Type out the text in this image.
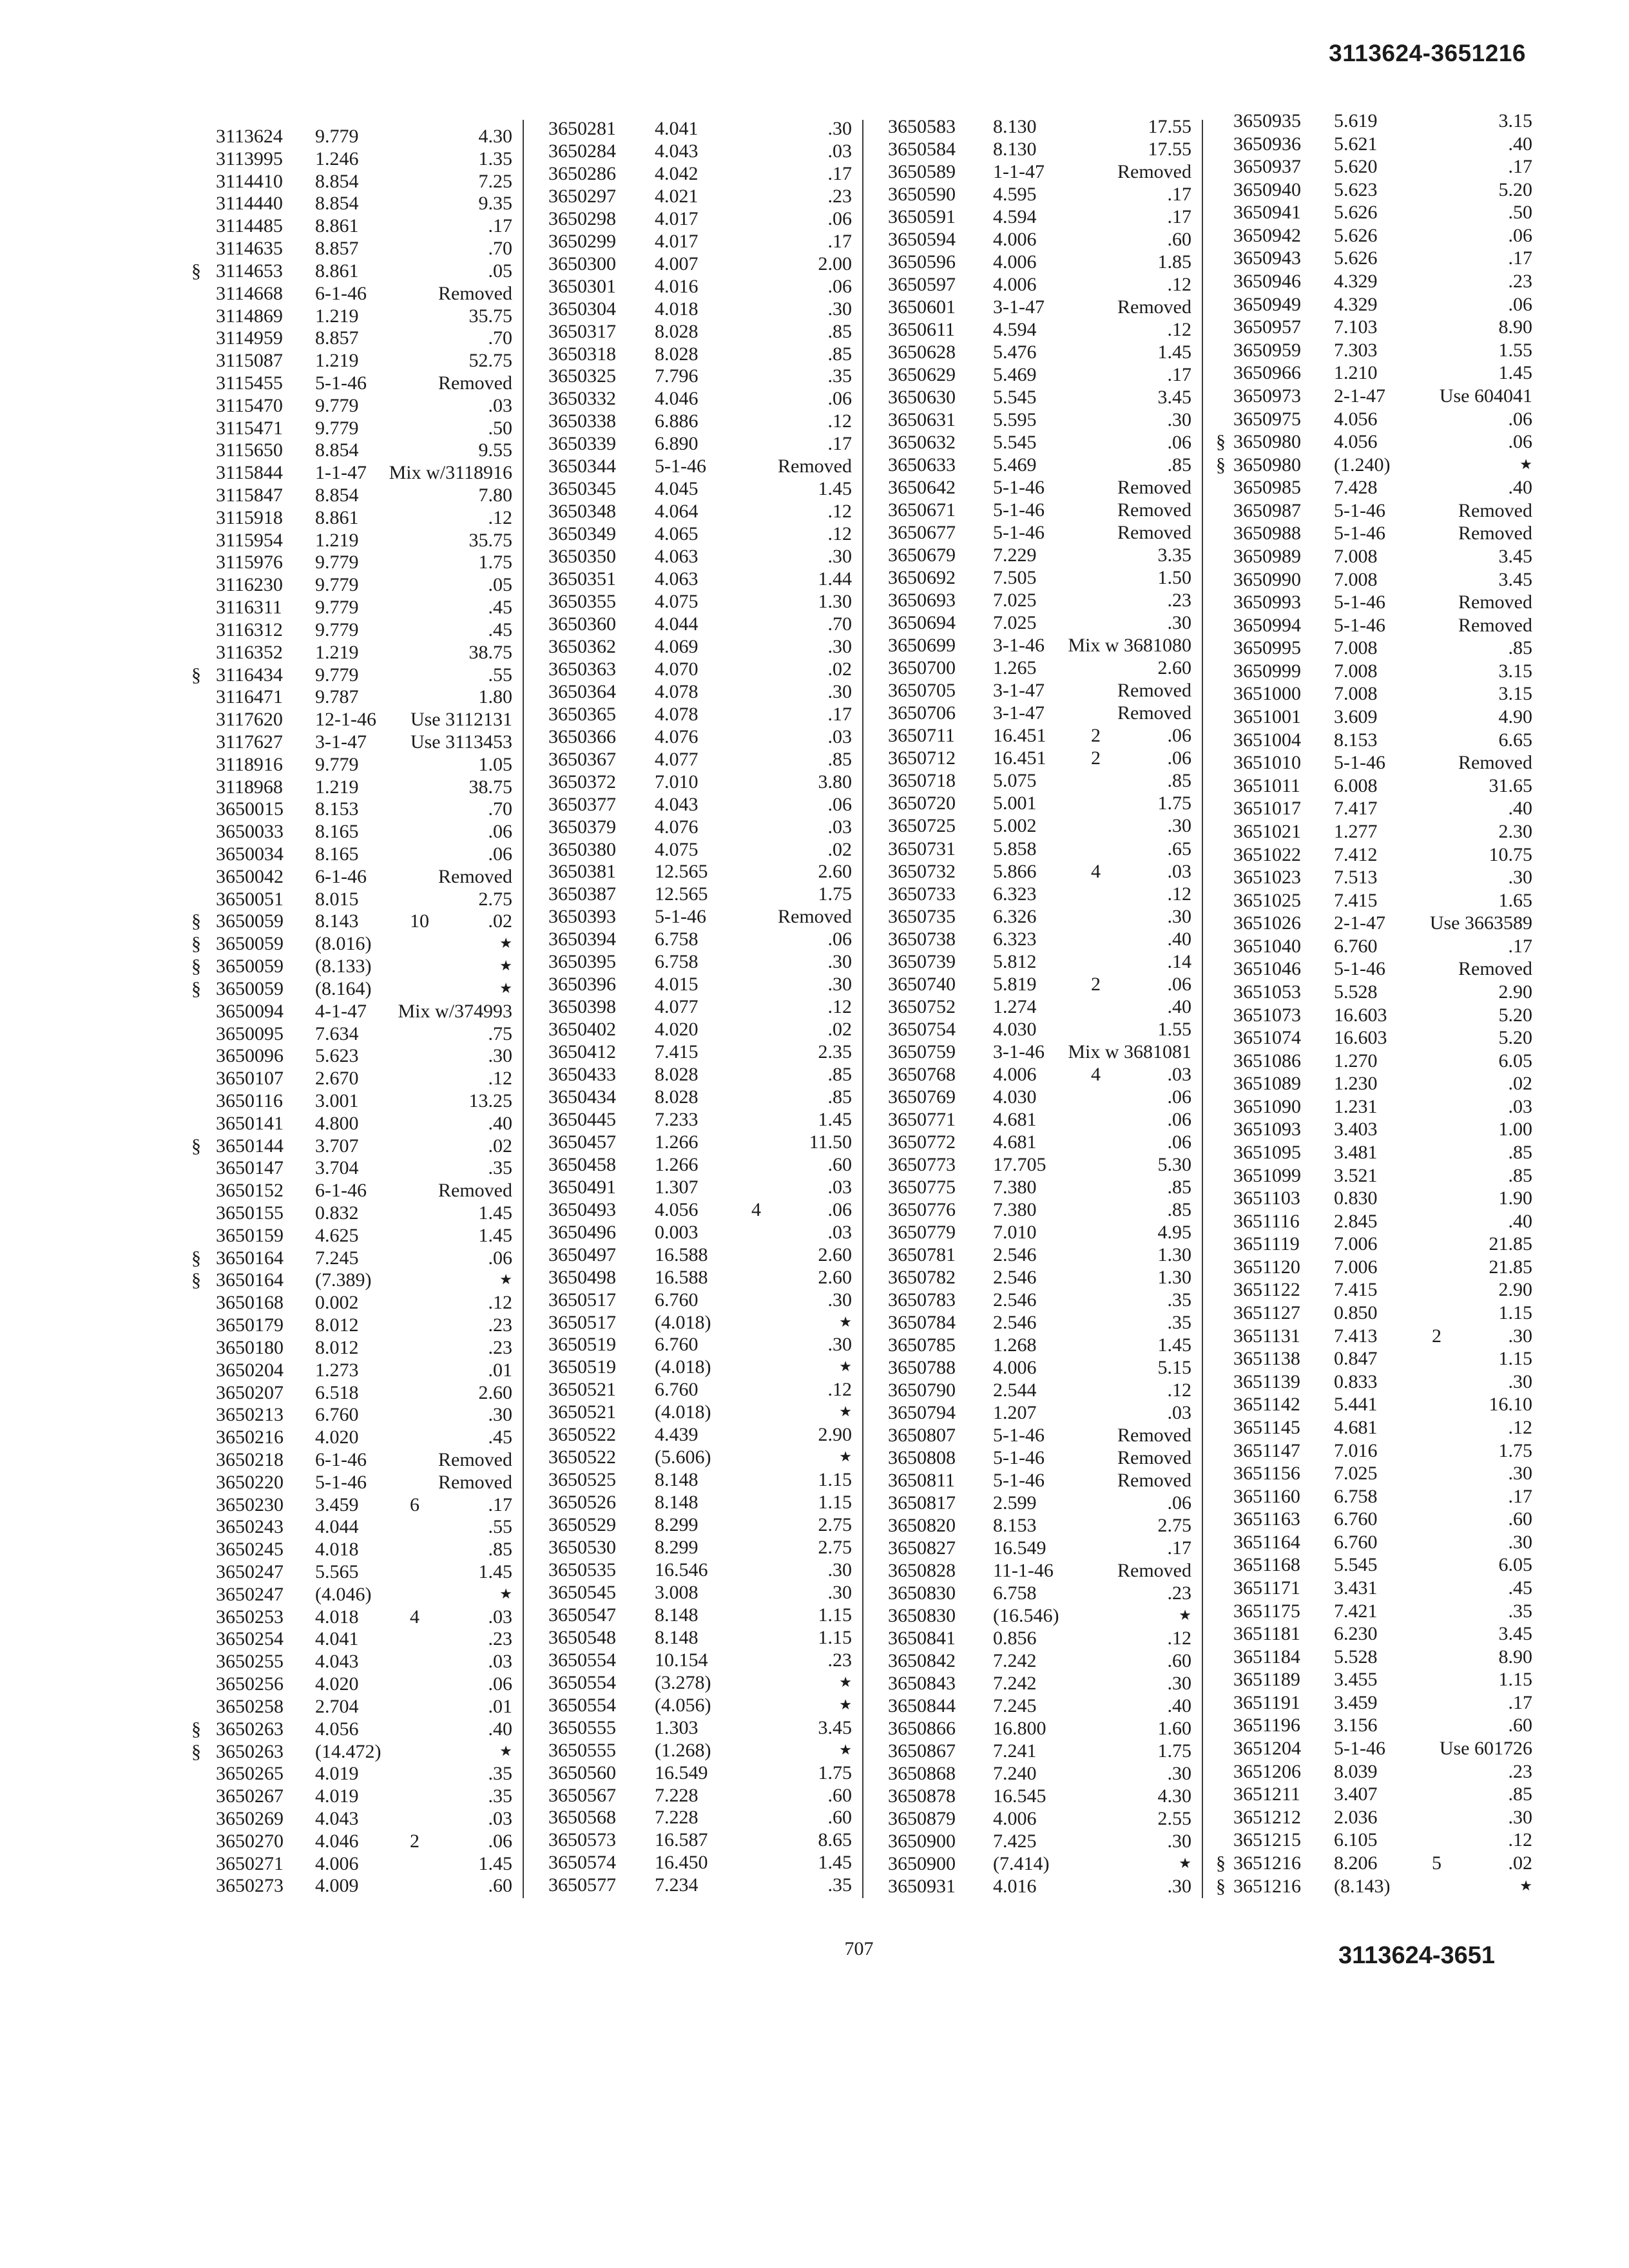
3113624-3651216
3113624 9.779	4.30
3113995 1.246	1.35
3114410 8.854	7.25
3114440 8.854	9.35
3114485 8.861	.17
3114635 8.857	.70
§ 3114653 8.861	.05
3114668 6-1-46	Removed
3114869 1.219	35.75
3114959 8.857	.70
3115087 1.219	52.75
3115455 5-1-46	Removed
3115470 9.779	.03
3115471 9.779	.50
3115650 8.854	9.55
3115844 1-1-47 Mix w/3118916
3115847 8.854	7.80
3115918 8.861	.12
3115954 1.219	35.75
3115976 9.779	1.75
3116230 9.779	.05
3116311 9.779	.45
3116312 9.779	.45
3116352 1.219	38.75
§ 3116434 9.779	.55
3116471 9.787	1.80
3117620 12-1-46 Use 3112131
3117627 3-1-47 Use 3113453
3118916 9.779	1.05
3118968 1.219	38.75
3650015 8.153	.70
3650033 8.165	.06
3650034 8.165	.06
3650042 6-1-46	Removed
3650051 8.015	2.75
§ 3650059 8.143	10	.02
§ 3650059 (8.016)	★
§ 3650059 (8.133)	★
§ 3650059 (8.164)	★
3650094 4-1-47 Mix w/374993
3650095 7.634	.75
3650096 5.623	.30
3650107 2.670	.12
3650116 3.001	13.25
3650141 4.800	.40
§ 3650144 3.707	.02
3650147 3.704	.35
3650152 6-1-46	Removed
3650155 0.832	1.45
3650159 4.625	1.45
§ 3650164 7.245	.06
§ 3650164 (7.389)	★
3650168 0.002	.12
3650179 8.012	.23
3650180 8.012	.23
3650204 1.273	.01
3650207 6.518	2.60
3650213 6.760	.30
3650216 4.020	.45
3650218 6-1-46	Removed
3650220 5-1-46	Removed
3650230 3.459	6	.17
3650243 4.044	.55
3650245 4.018	.85
3650247 5.565	1.45
3650247 (4.046)	★
3650253 4.018	4	.03
3650254 4.041	.23
3650255 4.043	.03
3650256 4.020	.06
3650258 2.704	.01
§ 3650263 4.056	.40
§ 3650263 (14.472)	★
3650265 4.019	.35
3650267 4.019	.35
3650269 4.043	.03
3650270 4.046	2	.06
3650271 4.006	1.45
3650273 4.009	.60
3650281 4.041	.30
3650284 4.043	.03
3650286 4.042	.17
3650297 4.021	.23
3650298 4.017	.06
3650299 4.017	.17
3650300 4.007	2.00
3650301 4.016	.06
3650304 4.018	.30
3650317 8.028	.85
3650318 8.028	.85
3650325 7.796	.35
3650332 4.046	.06
3650338 6.886	.12
3650339 6.890	.17
3650344 5-1-46	Removed
3650345 4.045	1.45
3650348 4.064	.12
3650349 4.065	.12
3650350 4.063	.30
3650351 4.063	1.44
3650355 4.075	1.30
3650360 4.044	.70
3650362 4.069	.30
3650363 4.070	.02
3650364 4.078	.30
3650365 4.078	.17
3650366 4.076	.03
3650367 4.077	.85
3650372 7.010	3.80
3650377 4.043	.06
3650379 4.076	.03
3650380 4.075	.02
3650381 12.565	2.60
3650387 12.565	1.75
3650393 5-1-46	Removed
3650394 6.758	.06
3650395 6.758	.30
3650396 4.015	.30
3650398 4.077	.12
3650402 4.020	.02
3650412 7.415	2.35
3650433 8.028	.85
3650434 8.028	.85
3650445 7.233	1.45
3650457 1.266	11.50
3650458 1.266	.60
3650491 1.307	.03
3650493 4.056	4	.06
3650496 0.003	.03
3650497 16.588	2.60
3650498 16.588	2.60
3650517 6.760	.30
3650517 (4.018)	★
3650519 6.760	.30
3650519 (4.018)	★
3650521 6.760	.12
3650521 (4.018)	★
3650522 4.439	2.90
3650522 (5.606)	★
3650525 8.148	1.15
3650526 8.148	1.15
3650529 8.299	2.75
3650530 8.299	2.75
3650535 16.546	.30
3650545 3.008	.30
3650547 8.148	1.15
3650548 8.148	1.15
3650554 10.154	.23
3650554 (3.278)	★
3650554 (4.056)	★
3650555 1.303	3.45
3650555 (1.268)	★
3650560 16.549	1.75
3650567 7.228	.60
3650568 7.228	.60
3650573 16.587	8.65
3650574 16.450	1.45
3650577 7.234	.35
3650583 8.130	17.55
3650584 8.130	17.55
3650589 1-1-47	Removed
3650590 4.595	.17
3650591 4.594	.17
3650594 4.006	.60
3650596 4.006	1.85
3650597 4.006	.12
3650601 3-1-47	Removed
3650611 4.594	.12
3650628 5.476	1.45
3650629 5.469	.17
3650630 5.545	3.45
3650631 5.595	.30
3650632 5.545	.06
3650633 5.469	.85
3650642 5-1-46	Removed
3650671 5-1-46	Removed
3650677 5-1-46	Removed
3650679 7.229	3.35
3650692 7.505	1.50
3650693 7.025	.23
3650694 7.025	.30
3650699 3-1-46 Mix w 3681080
3650700 1.265	2.60
3650705 3-1-47	Removed
3650706 3-1-47	Removed
3650711 16.451 2	.06
3650712 16.451 2	.06
3650718 5.075	.85
3650720 5.001	1.75
3650725 5.002	.30
3650731 5.858	.65
3650732 5.866	4	.03
3650733 6.323	.12
3650735 6.326	.30
3650738 6.323	.40
3650739 5.812	.14
3650740 5.819	2	.06
3650752 1.274	.40
3650754 4.030	1.55
3650759 3-1-46 Mix w 3681081
3650768 4.006	4	.03
3650769 4.030	.06
3650771 4.681	.06
3650772 4.681	.06
3650773 17.705	5.30
3650775 7.380	.85
3650776 7.380	.85
3650779 7.010	4.95
3650781 2.546	1.30
3650782 2.546	1.30
3650783 2.546	.35
3650784 2.546	.35
3650785 1.268	1.45
3650788 4.006	5.15
3650790 2.544	.12
3650794 1.207	.03
3650807 5-1-46	Removed
3650808 5-1-46	Removed
3650811 5-1-46	Removed
3650817 2.599	.06
3650820 8.153	2.75
3650827 16.549	.17
3650828 11-1-46	Removed
3650830 6.758	.23
3650830 (16.546)	★
3650841 0.856	.12
3650842 7.242	.60
3650843 7.242	.30
3650844 7.245	.40
3650866 16.800	1.60
3650867 7.241	1.75
3650868 7.240	.30
3650878 16.545	4.30
3650879 4.006	2.55
3650900 7.425	.30
3650900 (7.414)	★
3650931 4.016	.30
3650935 5.619	3.15
3650936 5.621	.40
3650937 5.620	.17
3650940 5.623	5.20
3650941 5.626	.50
3650942 5.626	.06
3650943 5.626	.17
3650946 4.329	.23
3650949 4.329	.06
3650957 7.103	8.90
3650959 7.303	1.55
3650966 1.210	1.45
3650973 2-1-47	Use 604041
3650975 4.056	.06
§ 3650980 4.056	.06
§ 3650980 (1.240)	★
3650985 7.428	.40
3650987 5-1-46	Removed
3650988 5-1-46	Removed
3650989 7.008	3.45
3650990 7.008	3.45
3650993 5-1-46	Removed
3650994 5-1-46	Removed
3650995 7.008	.85
3650999 7.008	3.15
3651000 7.008	3.15
3651001 3.609	4.90
3651004 8.153	6.65
3651010 5-1-46	Removed
3651011 6.008	31.65
3651017 7.417	.40
3651021 1.277	2.30
3651022 7.412	10.75
3651023 7.513	.30
3651025 7.415	1.65
3651026 2-1-47 Use 3663589
3651040 6.760	.17
3651046 5-1-46	Removed
3651053 5.528	2.90
3651073 16.603	5.20
3651074 16.603	5.20
3651086 1.270	6.05
3651089 1.230	.02
3651090 1.231	.03
3651093 3.403	1.00
3651095 3.481	.85
3651099 3.521	.85
3651103 0.830	1.90
3651116 2.845	.40
3651119 7.006	21.85
3651120 7.006	21.85
3651122 7.415	2.90
3651127 0.850	1.15
3651131 7.413	2	.30
3651138 0.847	1.15
3651139 0.833	.30
3651142 5.441	16.10
3651145 4.681	.12
3651147 7.016	1.75
3651156 7.025	.30
3651160 6.758	.17
3651163 6.760	.60
3651164 6.760	.30
3651168 5.545	6.05
3651171 3.431	.45
3651175 7.421	.35
3651181 6.230	3.45
3651184 5.528	8.90
3651189 3.455	1.15
3651191 3.459	.17
3651196 3.156	.60
3651204 5-1-46	Use 601726
3651206 8.039	.23
3651211 3.407	.85
3651212 2.036	.30
3651215 6.105	.12
§ 3651216 8.206	5	.02
§ 3651216 (8.143)	★
707	3113624-3651
